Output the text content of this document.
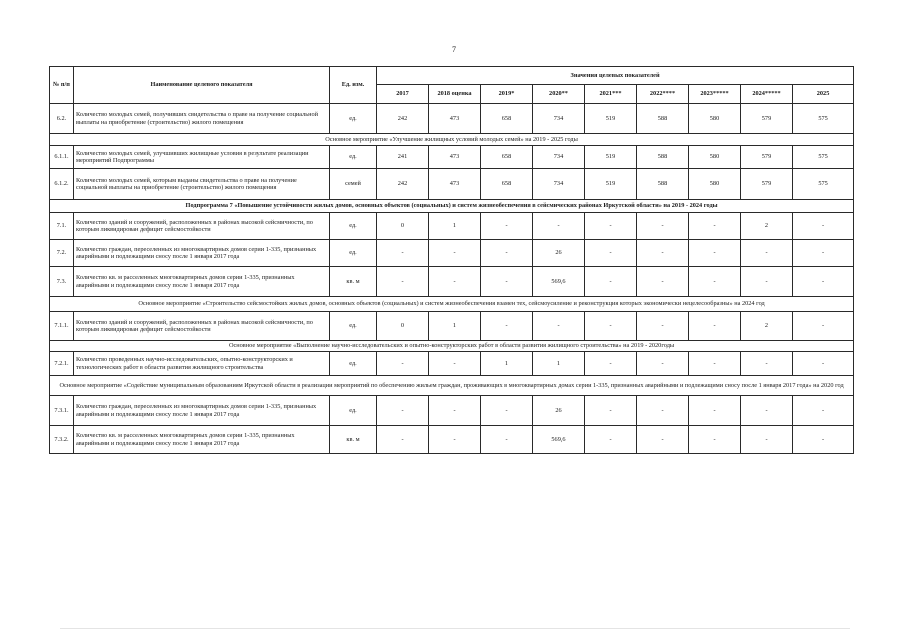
7
№ п/п	Наименование целевого показателя	Ед. изм.	Значения целевых показателей								
			2017	2018 оценка	2019*	2020**	2021***	2022****	2023*****	2024*****	2025
6.2.	Количество молодых семей, получивших свидетельства о праве на получение социальной выплаты на приобретение (строительство) жилого помещения	ед.	242	473	658	734	519	588	580	579	575
Основное мероприятие «Улучшение жилищных условий молодых семей» на 2019 - 2025 годы											
6.1.1.	Количество молодых семей, улучшивших жилищные условия в результате реализации мероприятий Подпрограммы	ед.	241	473	658	734	519	588	580	579	575
6.1.2.	Количество молодых семей, которым выданы свидетельства о праве на получение социальной выплаты на приобретение (строительство) жилого помещения	семей	242	473	658	734	519	588	580	579	575
Подпрограмма 7 «Повышение устойчивости жилых домов, основных объектов (социальных) и систем жизнеобеспечения в сейсмических районах Иркутской области» на 2019 - 2024 годы											
7.1.	Количество зданий и сооружений, расположенных в районах высокой сейсмичности, по которым ликвидирован дефицит сейсмостойкости	ед.	0	1	-	-	-	-	-	2	-
7.2.	Количество граждан, переселенных из многоквартирных домов серии 1-335, признанных аварийными и подлежащими сносу после 1 января 2017 года	ед.	-	-	-	26	-	-	-	-	-
7.3.	Количество кв. м расселенных многоквартирных домов серии 1-335, признанных аварийными и подлежащими сносу после 1 января 2017 года	кв. м	-	-	-	569,6	-	-	-	-	-
Основное мероприятие «Строительство сейсмостойких жилых домов, основных объектов (социальных) и систем жизнеобеспечения взамен тех, сейсмоусиление и реконструкция которых экономически нецелесообразны» на 2024 год											
7.1.1.	Количество зданий и сооружений, расположенных в районах высокой сейсмичности, по которым ликвидирован дефицит сейсмостойкости	ед.	0	1	-	-	-	-	-	2	-
Основное мероприятие «Выполнение научно-исследовательских и опытно-конструкторских работ в области развития жилищного строительства» на 2019 - 2020годы											
7.2.1.	Количество проведенных научно-исследовательских, опытно-конструкторских и технологических работ в области развития жилищного строительства	ед.	-	-	1	1	-	-	-	-	-
Основное мероприятие «Содействие муниципальным образованиям Иркутской области в реализации мероприятий по обеспечению жильем граждан, проживающих в многоквартирных домах серии 1-335, признанных аварийными и подлежащими сносу после 1 января 2017 года» на 2020 год											
7.3.1.	Количество граждан, переселенных из многоквартирных домов серии 1-335, признанных аварийными и подлежащими сносу после 1 января 2017 года	ед.	-	-	-	26	-	-	-	-	-
7.3.2.	Количество кв. м расселенных многоквартирных домов серии 1-335, признанных аварийными и подлежащими сносу после 1 января 2017 года	кв. м	-	-	-	569,6	-	-	-	-	-
